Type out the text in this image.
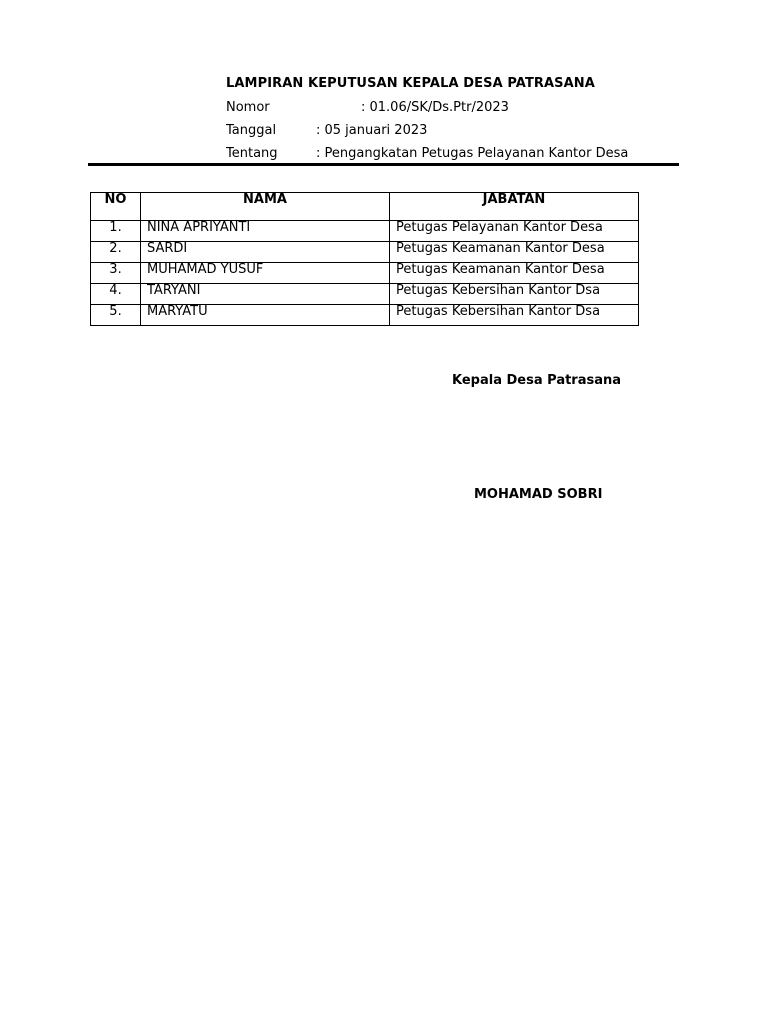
LAMPIRAN KEPUTUSAN KEPALA DESA PATRASANA
Nomor	: 01.06/SK/Ds.Ptr/2023
Tanggal	: 05 januari 2023
Tentang	: Pengangkatan Petugas Pelayanan Kantor Desa
NO	NAMA	JABATAN
1.	NINA APRIYANTI	Petugas Pelayanan Kantor Desa
2.	SARDI	Petugas Keamanan Kantor Desa
3.	MUHAMAD YUSUF	Petugas Keamanan Kantor Desa
4.	TARYANI	Petugas Kebersihan Kantor Dsa
5.	MARYATU	Petugas Kebersihan Kantor Dsa
Kepala Desa Patrasana
MOHAMAD SOBRI
